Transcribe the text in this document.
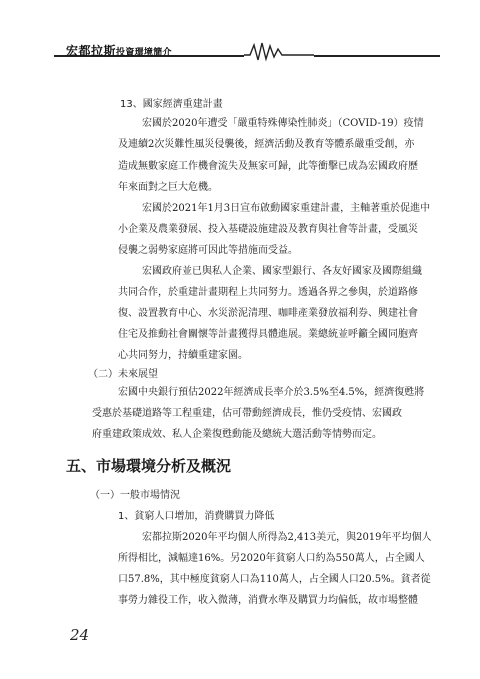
宏都拉斯投資環境簡介
13、國家經濟重建計畫
宏國於2020年遭受「嚴重特殊傳染性肺炎」（COVID-19）疫情
及連續2次災難性風災侵襲後，經濟活動及教育等體系嚴重受創，亦
造成無數家庭工作機會流失及無家可歸，此等衝擊已成為宏國政府歷
年來面對之巨大危機。
宏國於2021年1月3日宣布啟動國家重建計畫，主軸著重於促進中
小企業及農業發展、投入基礎設施建設及教育與社會等計畫，受風災
侵襲之弱勢家庭將可因此等措施而受益。
宏國政府並已與私人企業、國家型銀行、各友好國家及國際組織
共同合作，於重建計畫期程上共同努力。透過各界之參與，於道路修
復、設置教育中心、水災淤泥清理、咖啡產業發放福利券、興建社會
住宅及推動社會關懷等計畫獲得具體進展。業總統並呼籲全國同胞齊
心共同努力，持續重建家園。
（二）未來展望
宏國中央銀行預估2022年經濟成長率介於3.5%至4.5%，經濟復甦將
受惠於基礎道路等工程重建，估可帶動經濟成長，惟仍受疫情、宏國政
府重建政策成效、私人企業復甦動能及總統大選活動等情勢而定。
五、市場環境分析及概況
（一）一般市場情況
1、貧窮人口增加，消費購買力降低
宏都拉斯2020年平均個人所得為2,413美元，與2019年平均個人
所得相比，減幅達16%。另2020年貧窮人口約為550萬人，占全國人
口57.8%，其中極度貧窮人口為110萬人，占全國人口20.5%。貧者從
事勞力雜役工作，收入微薄，消費水準及購買力均偏低，故市場整體
24
